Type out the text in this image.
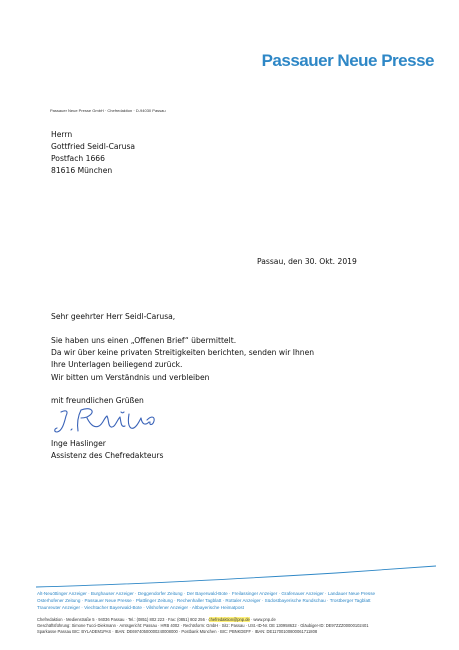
Passauer Neue Presse
Passauer Neue Presse GmbH · Chefredaktion · D-94030 Passau
Herrn
Gottfried Seidl-Carusa
Postfach 1666
81616 München
Passau, den 30. Okt. 2019
Sehr geehrter Herr Seidl-Carusa,
Sie haben uns einen „Offenen Brief“ übermittelt.
Da wir über keine privaten Streitigkeiten berichten, senden wir Ihnen
Ihre Unterlagen beiliegend zurück.
Wir bitten um Verständnis und verbleiben
mit freundlichen Grüßen
Inge Haslinger
Assistenz des Chefredakteurs
Alt-Neuöttinger Anzeiger · Burghauser Anzeiger · Deggendorfer Zeitung · Der Bayerwald-Bote · Freilassinger Anzeiger · Grafenauer Anzeiger · Landauer Neue Presse
Osterhofener Zeitung · Passauer Neue Presse · Plattlinger Zeitung · Rechenhaller Tagblatt · Rottaler Anzeiger · Südostbayerische Rundschau · Trostberger Tagblatt
Traunreuter Anzeiger · Viechtacher Bayerwald-Bote · Vilshofener Anzeiger · Altbayerische Heimatpost
Chefredaktion · Medienstraße 5 · 94036 Passau · Tel.: (0851) 802 223 · Fax: (0851) 802 256 · chefredaktion@pnp.de · www.pnp.de
Geschäftsführung: Simone Tucci-Diekmann · Amtsgericht: Passau · HRB 4002 · Rechtsform: GmbH · Sitz: Passau · USt.-ID-Nr. DE 130958632 · Gläubiger-ID: DE97ZZZ00000102401
Sparkasse Passau BIC: BYLADEM1PAS · IBAN: DE69740500000240008000 · Postbank München · BIC: PBNKDEFF · IBAN: DE11700100800061711808
